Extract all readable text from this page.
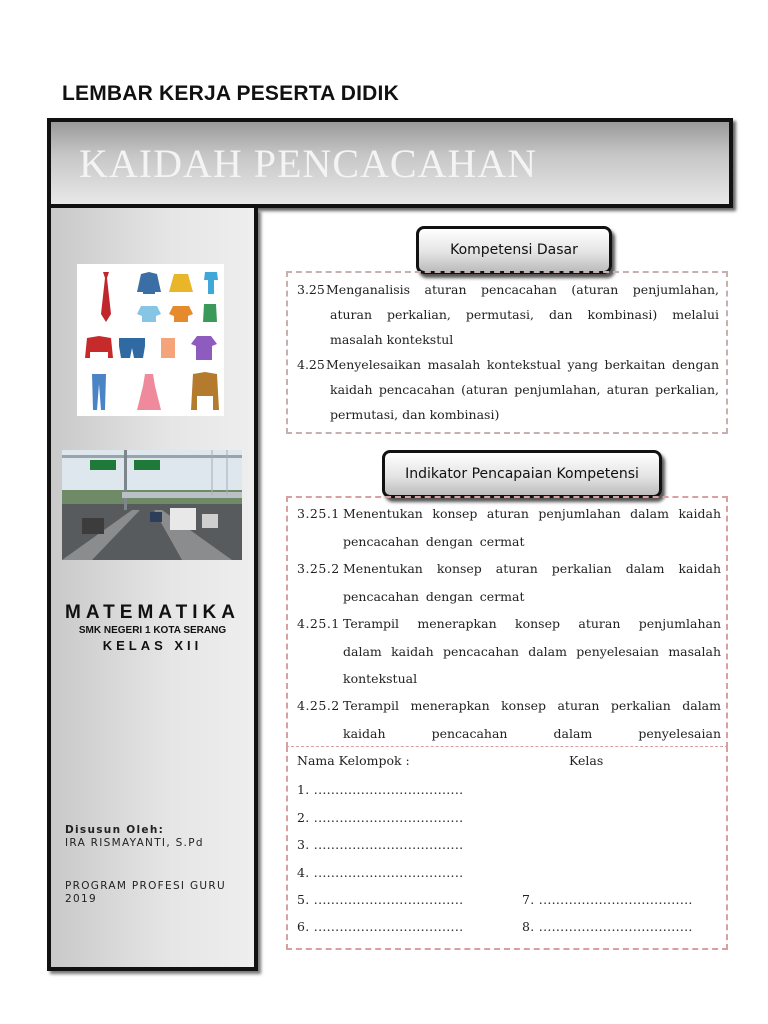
LEMBAR KERJA PESERTA DIDIK
KAIDAH PENCACAHAN
MATEMATIKA
SMK NEGERI 1 KOTA SERANG
KELAS XII
Disusun Oleh:
IRA RISMAYANTI, S.Pd
PROGRAM PROFESI GURU
2019
Kompetensi Dasar
3.25 Menganalisis aturan pencacahan (aturan penjumlahan, aturan perkalian, permutasi, dan kombinasi) melalui masalah kontekstul
4.25 Menyelesaikan masalah kontekstual yang berkaitan dengan kaidah pencacahan (aturan penjumlahan, aturan perkalian, permutasi, dan kombinasi)
Indikator Pencapaian Kompetensi
3.25.1 Menentukan konsep aturan penjumlahan dalam kaidah pencacahan dengan cermat
3.25.2 Menentukan konsep aturan perkalian dalam kaidah pencacahan dengan cermat
4.25.1 Terampil menerapkan konsep aturan penjumlahan dalam kaidah pencacahan dalam penyelesaian masalah kontekstual
4.25.2 Terampil menerapkan konsep aturan perkalian dalam kaidah pencacahan dalam penyelesaian
Nama Kelompok :	Kelas
1. ...................................
2. ...................................
3. ...................................
4. ...................................
5. ...................................
6. ...................................
7. ....................................
8. ....................................
